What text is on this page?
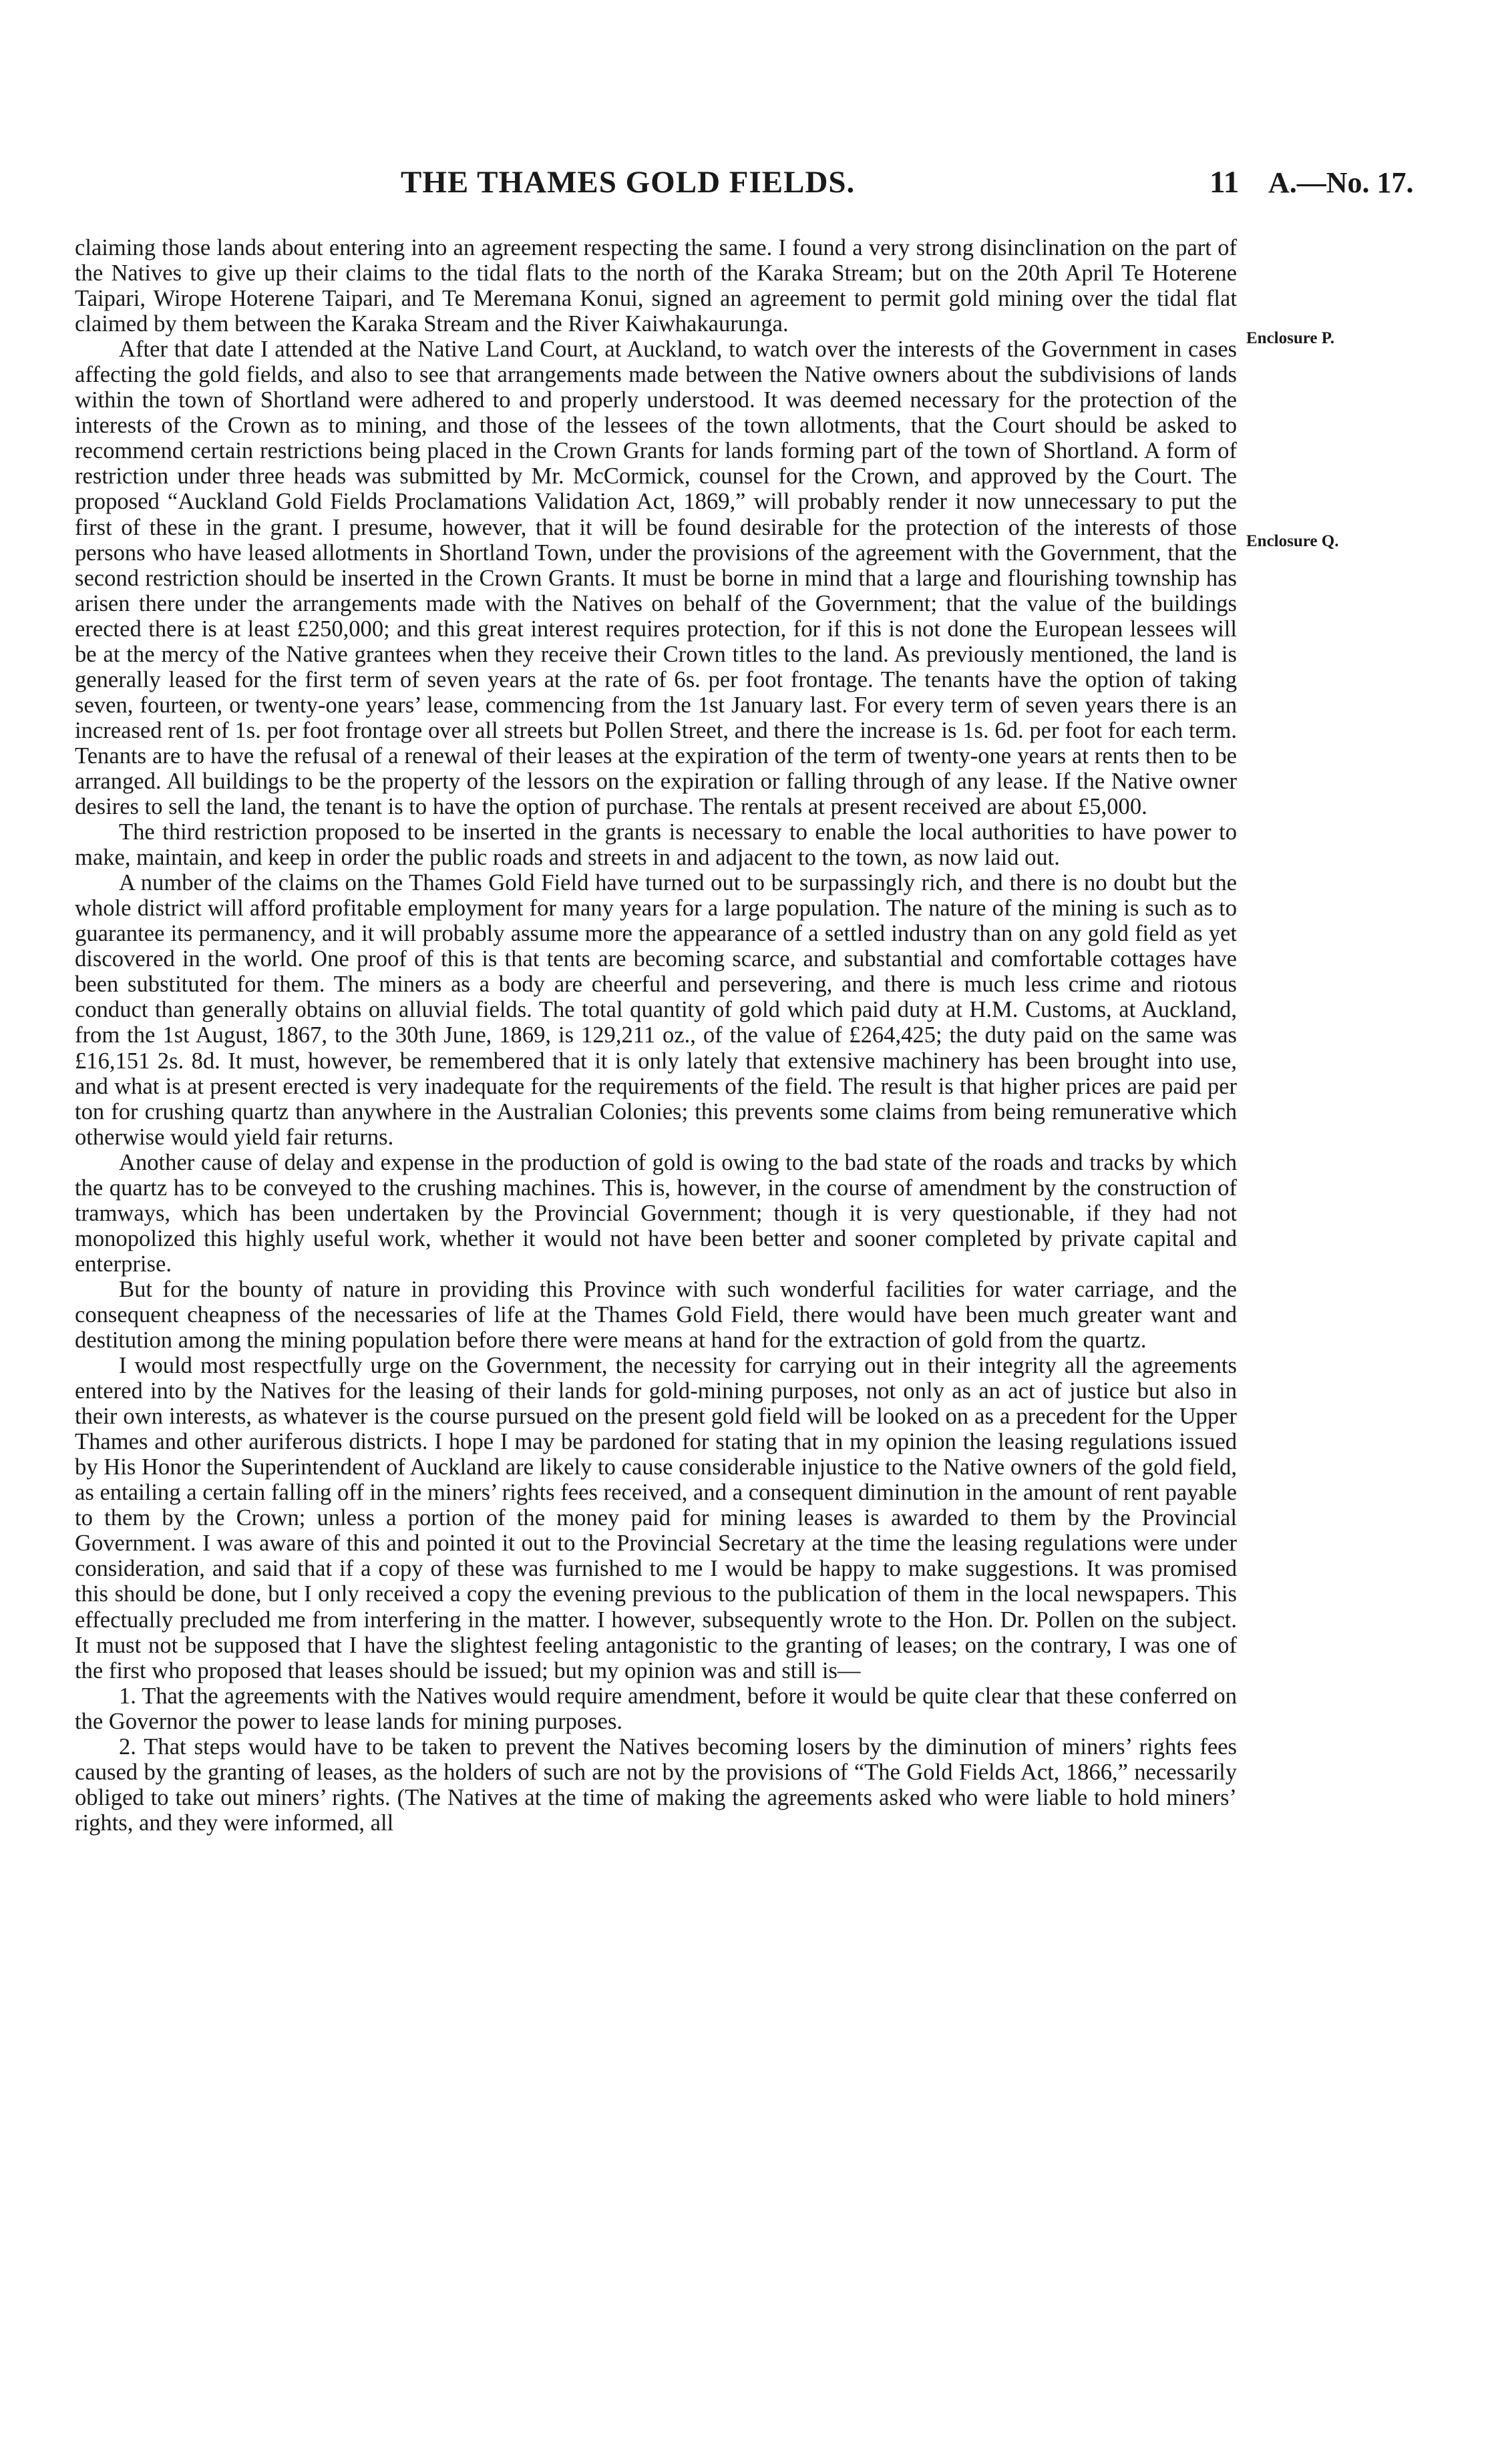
THE THAMES GOLD FIELDS.	11 A.—No. 17.
Enclosure P.
Enclosure Q.

claiming those lands about entering into an agreement respecting the same. I found a very strong disinclination on the part of the Natives to give up their claims to the tidal flats to the north of the Karaka Stream; but on the 20th April Te Hoterene Taipari, Wirope Hoterene Taipari, and Te Meremana Konui, signed an agreement to permit gold mining over the tidal flat claimed by them between the Karaka Stream and the River Kaiwhakaurunga.

After that date I attended at the Native Land Court, at Auckland, to watch over the interests of the Government in cases affecting the gold fields, and also to see that arrangements made between the Native owners about the subdivisions of lands within the town of Shortland were adhered to and properly understood. It was deemed necessary for the protection of the interests of the Crown as to mining, and those of the lessees of the town allotments, that the Court should be asked to recommend certain restrictions being placed in the Crown Grants for lands forming part of the town of Shortland. A form of restriction under three heads was submitted by Mr. McCormick, counsel for the Crown, and approved by the Court. The proposed “Auckland Gold Fields Proclamations Validation Act, 1869,” will probably render it now unnecessary to put the first of these in the grant. I presume, however, that it will be found desirable for the protection of the interests of those persons who have leased allotments in Shortland Town, under the provisions of the agreement with the Government, that the second restriction should be inserted in the Crown Grants. It must be borne in mind that a large and flourishing township has arisen there under the arrangements made with the Natives on behalf of the Government; that the value of the buildings erected there is at least £250,000; and this great interest requires protection, for if this is not done the European lessees will be at the mercy of the Native grantees when they receive their Crown titles to the land. As previously mentioned, the land is generally leased for the first term of seven years at the rate of 6s. per foot frontage. The tenants have the option of taking seven, fourteen, or twenty-one years’ lease, commencing from the 1st January last. For every term of seven years there is an increased rent of 1s. per foot frontage over all streets but Pollen Street, and there the increase is 1s. 6d. per foot for each term. Tenants are to have the refusal of a renewal of their leases at the expiration of the term of twenty-one years at rents then to be arranged. All buildings to be the property of the lessors on the expiration or falling through of any lease. If the Native owner desires to sell the land, the tenant is to have the option of purchase. The rentals at present received are about £5,000.

The third restriction proposed to be inserted in the grants is necessary to enable the local authorities to have power to make, maintain, and keep in order the public roads and streets in and adjacent to the town, as now laid out.

A number of the claims on the Thames Gold Field have turned out to be surpassingly rich, and there is no doubt but the whole district will afford profitable employment for many years for a large population. The nature of the mining is such as to guarantee its permanency, and it will probably assume more the appearance of a settled industry than on any gold field as yet discovered in the world. One proof of this is that tents are becoming scarce, and substantial and comfortable cottages have been substituted for them. The miners as a body are cheerful and persevering, and there is much less crime and riotous conduct than generally obtains on alluvial fields. The total quantity of gold which paid duty at H.M. Customs, at Auckland, from the 1st August, 1867, to the 30th June, 1869, is 129,211 oz., of the value of £264,425; the duty paid on the same was £16,151 2s. 8d. It must, however, be remembered that it is only lately that extensive machinery has been brought into use, and what is at present erected is very inadequate for the requirements of the field. The result is that higher prices are paid per ton for crushing quartz than anywhere in the Australian Colonies; this prevents some claims from being remunerative which otherwise would yield fair returns.

Another cause of delay and expense in the production of gold is owing to the bad state of the roads and tracks by which the quartz has to be conveyed to the crushing machines. This is, however, in the course of amendment by the construction of tramways, which has been undertaken by the Provincial Government; though it is very questionable, if they had not monopolized this highly useful work, whether it would not have been better and sooner completed by private capital and enterprise.

But for the bounty of nature in providing this Province with such wonderful facilities for water carriage, and the consequent cheapness of the necessaries of life at the Thames Gold Field, there would have been much greater want and destitution among the mining population before there were means at hand for the extraction of gold from the quartz.

I would most respectfully urge on the Government, the necessity for carrying out in their integrity all the agreements entered into by the Natives for the leasing of their lands for gold-mining purposes, not only as an act of justice but also in their own interests, as whatever is the course pursued on the present gold field will be looked on as a precedent for the Upper Thames and other auriferous districts. I hope I may be pardoned for stating that in my opinion the leasing regulations issued by His Honor the Superintendent of Auckland are likely to cause considerable injustice to the Native owners of the gold field, as entailing a certain falling off in the miners’ rights fees received, and a consequent diminution in the amount of rent payable to them by the Crown; unless a portion of the money paid for mining leases is awarded to them by the Provincial Government. I was aware of this and pointed it out to the Provincial Secretary at the time the leasing regulations were under consideration, and said that if a copy of these was furnished to me I would be happy to make suggestions. It was promised this should be done, but I only received a copy the evening previous to the publication of them in the local newspapers. This effectually precluded me from interfering in the matter. I however, subsequently wrote to the Hon. Dr. Pollen on the subject. It must not be supposed that I have the slightest feeling antagonistic to the granting of leases; on the contrary, I was one of the first who proposed that leases should be issued; but my opinion was and still is—

1. That the agreements with the Natives would require amendment, before it would be quite clear that these conferred on the Governor the power to lease lands for mining purposes.

2. That steps would have to be taken to prevent the Natives becoming losers by the diminution of miners’ rights fees caused by the granting of leases, as the holders of such are not by the provisions of “The Gold Fields Act, 1866,” necessarily obliged to take out miners’ rights. (The Natives at the time of making the agreements asked who were liable to hold miners’ rights, and they were informed, all
